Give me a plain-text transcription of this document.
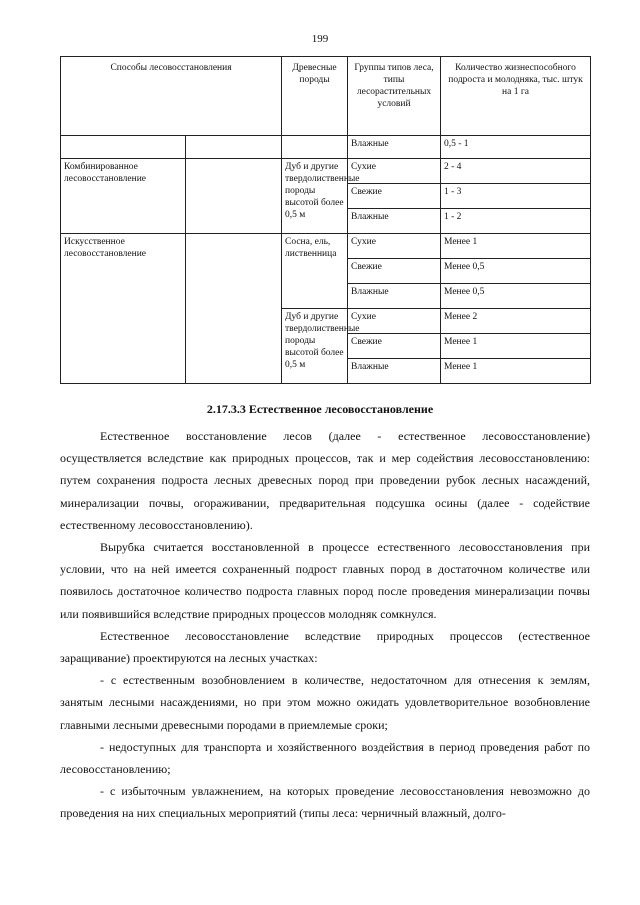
199
Способы лесовосстановления		Древесные породы	Группы типов леса, типы лесорастительных условий	Количество жизнеспособного подроста и молодняка, тыс. штук на 1 га
			Влажные	0,5 - 1
Комбинированное лесовосстановление		Дуб и другие твердолиственные породы высотой более 0,5 м	Сухие	2 - 4
			Свежие	1 - 3
			Влажные	1 - 2
Искусственное лесовосстановление		Сосна, ель, лиственница	Сухие	Менее 1
			Свежие	Менее 0,5
			Влажные	Менее 0,5
		Дуб и другие твердолиственные породы высотой более 0,5 м	Сухие	Менее 2
			Свежие	Менее 1
			Влажные	Менее 1
2.17.3.3 Естественное лесовосстановление

Естественное восстановление лесов (далее - естественное лесовосстановление) осуществляется вследствие как природных процессов, так и мер содействия лесовосстановлению: путем сохранения подроста лесных древесных пород при проведении рубок лесных насаждений, минерализации почвы, огораживании, предварительная подсушка осины (далее - содействие естественному лесовосстановлению).

Вырубка считается восстановленной в процессе естественного лесовосстановления при условии, что на ней имеется сохраненный подрост главных пород в достаточном количестве или появилось достаточное количество подроста главных пород после проведения минерализации почвы или появившийся вследствие природных процессов молодняк сомкнулся.

Естественное лесовосстановление вследствие природных процессов (естественное заращивание) проектируются на лесных участках:

- с естественным возобновлением в количестве, недостаточном для отнесения к землям, занятым лесными насаждениями, но при этом можно ожидать удовлетворительное возобновление главными лесными древесными породами в приемлемые сроки;

- недоступных для транспорта и хозяйственного воздействия в период проведения работ по лесовосстановлению;

- с избыточным увлажнением, на которых проведение лесовосстановления невозможно до проведения на них специальных мероприятий (типы леса: черничный влажный, долго-
